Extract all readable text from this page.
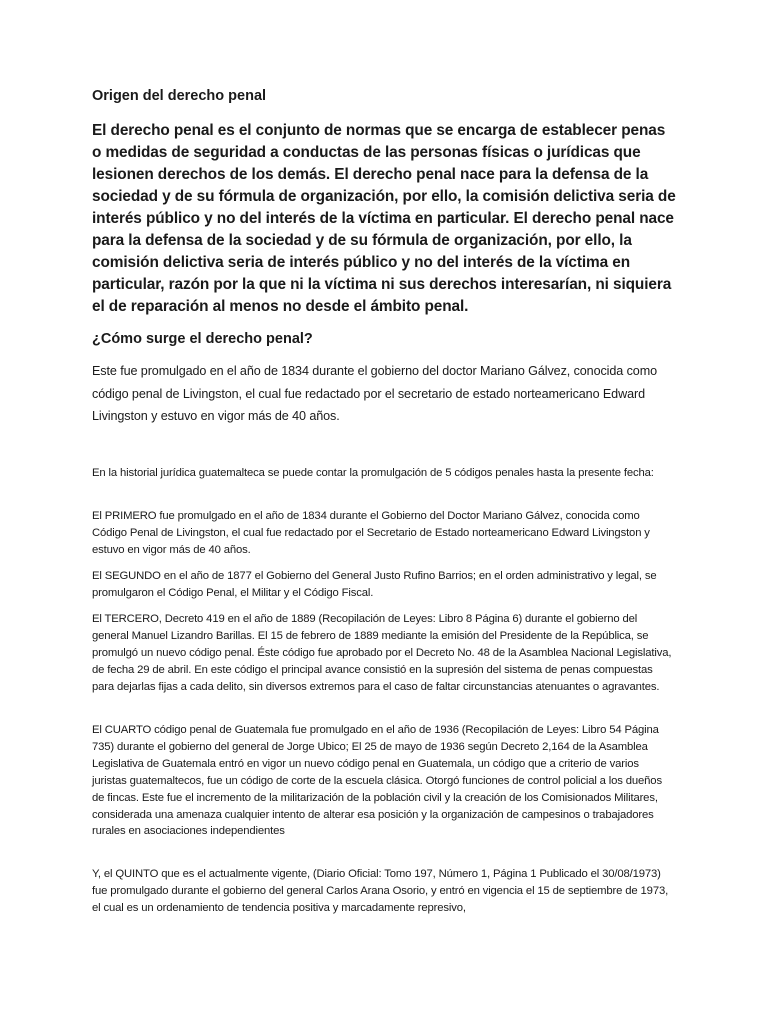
Origen del derecho penal

El derecho penal es el conjunto de normas que se encarga de establecer penas o medidas de seguridad a conductas de las personas físicas o jurídicas que lesionen derechos de los demás. El derecho penal nace para la defensa de la sociedad y de su fórmula de organización, por ello, la comisión delictiva seria de interés público y no del interés de la víctima en particular. El derecho penal nace para la defensa de la sociedad y de su fórmula de organización, por ello, la comisión delictiva seria de interés público y no del interés de la víctima en particular, razón por la que ni la víctima ni sus derechos interesarían, ni siquiera el de reparación al menos no desde el ámbito penal.

¿Cómo surge el derecho penal?

Este fue promulgado en el año de 1834 durante el gobierno del doctor Mariano Gálvez, conocida como código penal de Livingston, el cual fue redactado por el secretario de estado norteamericano Edward Livingston y estuvo en vigor más de 40 años.

En la historial jurídica guatemalteca se puede contar la promulgación de 5 códigos penales hasta la presente fecha:

El PRIMERO fue promulgado en el año de 1834 durante el Gobierno del Doctor Mariano Gálvez, conocida como Código Penal de Livingston, el cual fue redactado por el Secretario de Estado norteamericano Edward Livingston y estuvo en vigor más de 40 años.

El SEGUNDO en el año de 1877 el Gobierno del General Justo Rufino Barrios; en el orden administrativo y legal, se promulgaron el Código Penal, el Militar y el Código Fiscal.

El TERCERO, Decreto 419 en el año de 1889 (Recopilación de Leyes: Libro 8 Página 6) durante el gobierno del general Manuel Lizandro Barillas. El 15 de febrero de 1889 mediante la emisión del Presidente de la República, se promulgó un nuevo código penal. Éste código fue aprobado por el Decreto No. 48 de la Asamblea Nacional Legislativa, de fecha 29 de abril. En este código el principal avance consistió en la supresión del sistema de penas compuestas para dejarlas fijas a cada delito, sin diversos extremos para el caso de faltar circunstancias atenuantes o agravantes.

El CUARTO código penal de Guatemala fue promulgado en el año de 1936 (Recopilación de Leyes: Libro 54 Página 735) durante el gobierno del general de Jorge Ubico; El 25 de mayo de 1936 según Decreto 2,164 de la Asamblea Legislativa de Guatemala entró en vigor un nuevo código penal en Guatemala, un código que a criterio de varios juristas guatemaltecos, fue un código de corte de la escuela clásica. Otorgó funciones de control policial a los dueños de fincas. Este fue el incremento de la militarización de la población civil y la creación de los Comisionados Militares, considerada una amenaza cualquier intento de alterar esa posición y la organización de campesinos o trabajadores rurales en asociaciones independientes

Y, el QUINTO que es el actualmente vigente, (Diario Oficial: Tomo 197, Número 1, Página 1 Publicado el 30/08/1973) fue promulgado durante el gobierno del general Carlos Arana Osorio, y entró en vigencia el 15 de septiembre de 1973, el cual es un ordenamiento de tendencia positiva y marcadamente represivo,
